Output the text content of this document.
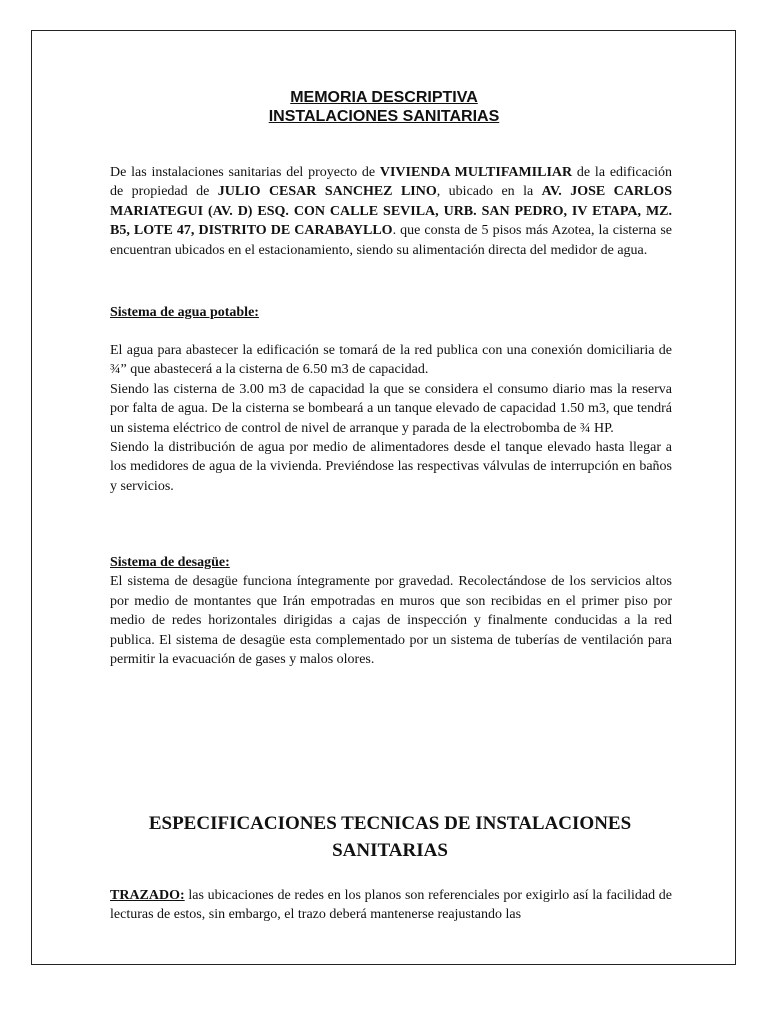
MEMORIA DESCRIPTIVA
INSTALACIONES SANITARIAS

De las instalaciones sanitarias del proyecto de VIVIENDA MULTIFAMILIAR de la edificación de propiedad de JULIO CESAR SANCHEZ LINO, ubicado en la AV. JOSE CARLOS MARIATEGUI (AV. D) ESQ. CON CALLE SEVILA, URB. SAN PEDRO, IV ETAPA, MZ. B5, LOTE 47, DISTRITO DE CARABAYLLO. que consta de 5 pisos más Azotea, la cisterna se encuentran ubicados en el estacionamiento, siendo su alimentación directa del medidor de agua.

Sistema de agua potable:

El agua para abastecer la edificación se tomará de la red publica con una conexión domiciliaria de ¾” que abastecerá a la cisterna de 6.50 m3 de capacidad.

Siendo las cisterna de 3.00 m3 de capacidad la que se considera el consumo diario mas la reserva por falta de agua. De la cisterna se bombeará a un tanque elevado de capacidad 1.50 m3, que tendrá un sistema eléctrico de control de nivel de arranque y parada de la electrobomba de ¾ HP.

Siendo la distribución de agua por medio de alimentadores desde el tanque elevado hasta llegar a los medidores de agua de la vivienda. Previéndose las respectivas válvulas de interrupción en baños y servicios.

Sistema de desagüe:

El sistema de desagüe funciona íntegramente por gravedad. Recolectándose de los servicios altos por medio de montantes que Irán empotradas en muros que son recibidas en el primer piso por medio de redes horizontales dirigidas a cajas de inspección y finalmente conducidas a la red publica. El sistema de desagüe esta complementado por un sistema de tuberías de ventilación para permitir la evacuación de gases y malos olores.

ESPECIFICACIONES TECNICAS DE INSTALACIONES
SANITARIAS

TRAZADO: las ubicaciones de redes en los planos son referenciales por exigirlo así la facilidad de lecturas de estos, sin embargo, el trazo deberá mantenerse reajustando las
